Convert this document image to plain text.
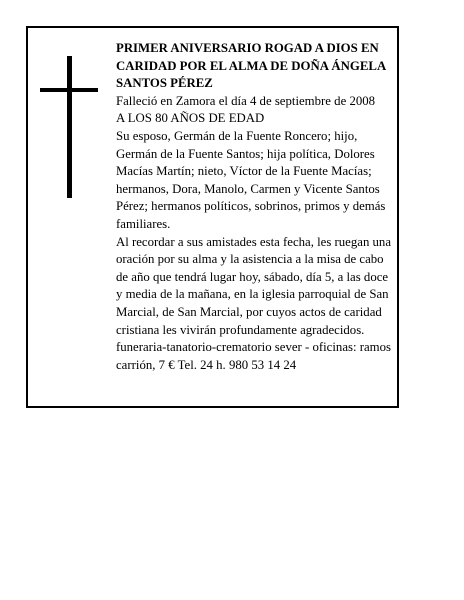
PRIMER ANIVERSARIO ROGAD A DIOS EN CARIDAD POR EL ALMA DE DOÑA ÁNGELA SANTOS PÉREZ

Falleció en Zamora el día 4 de septiembre de 2008

A LOS 80 AÑOS DE EDAD

Su esposo, Germán de la Fuente Roncero; hijo, Germán de la Fuente Santos; hija política, Dolores Macías Martín; nieto, Víctor de la Fuente Macías; hermanos, Dora, Manolo, Carmen y Vicente Santos Pérez; hermanos políticos, sobrinos, primos y demás familiares.

Al recordar a sus amistades esta fecha, les ruegan una oración por su alma y la asistencia a la misa de cabo de año que tendrá lugar hoy, sábado, día 5, a las doce y media de la mañana, en la iglesia parroquial de San Marcial, de San Marcial, por cuyos actos de caridad cristiana les vivirán profundamente agradecidos.

funeraria-tanatorio-crematorio sever - oficinas: ramos carrión, 7 € Tel. 24 h. 980 53 14 24
